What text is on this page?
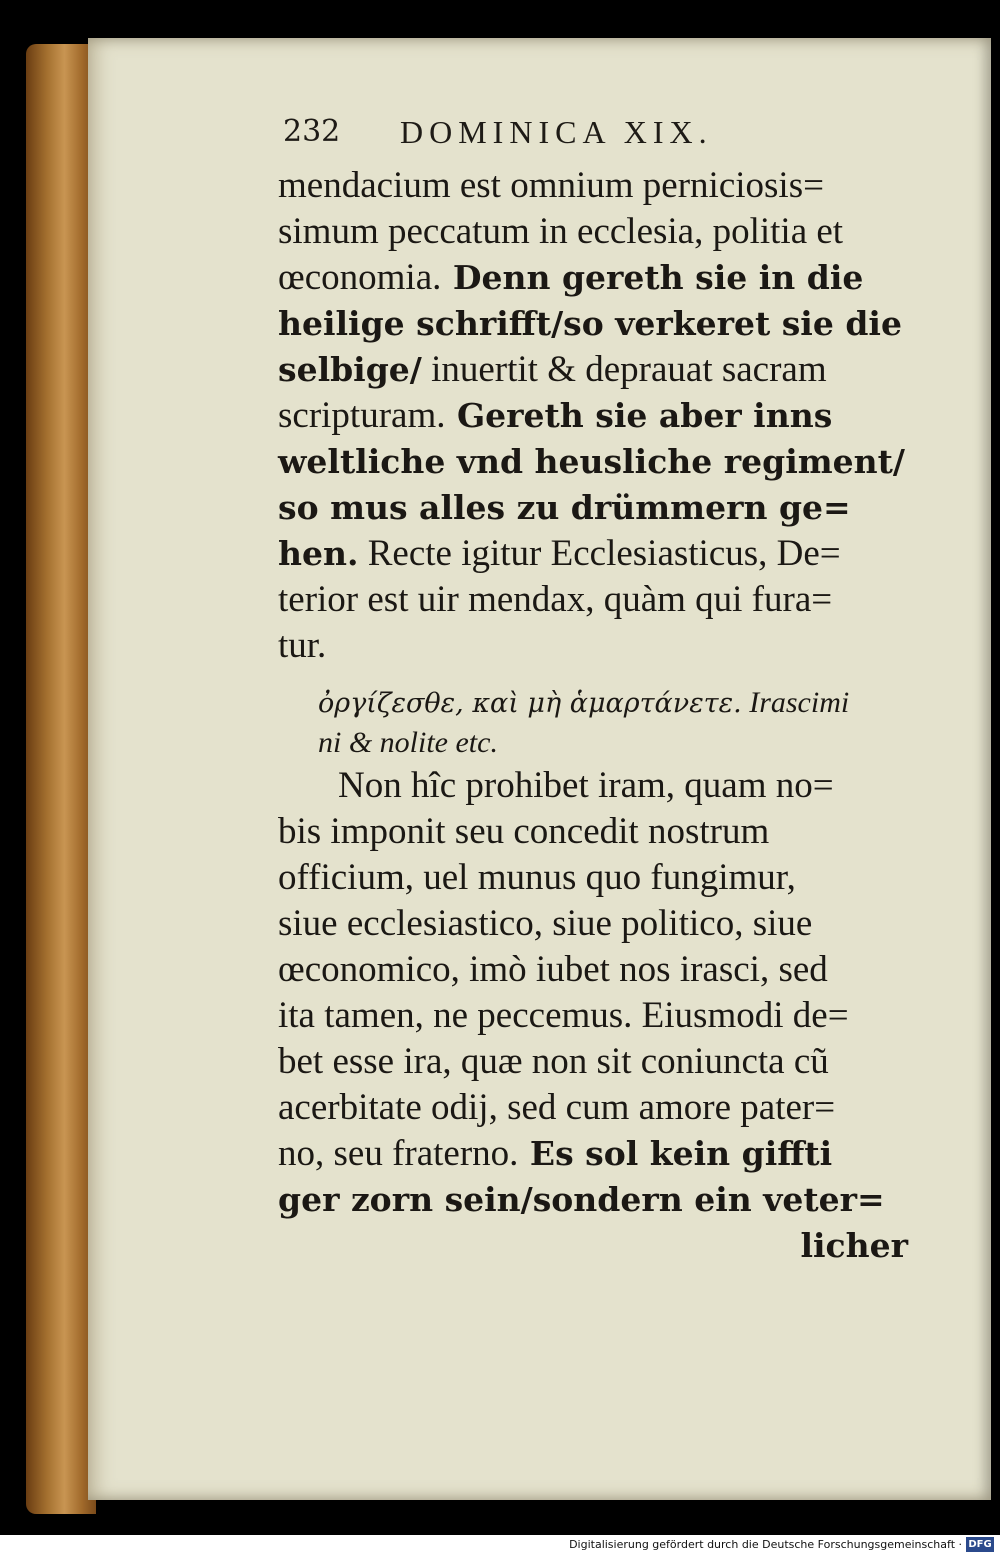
232 DOMINICA XIX.
mendacium est omnium perniciosis=
simum peccatum in ecclesia, politia et
œconomia. Denn gereth sie in die
heilige schrifft/so verkeret sie die
selbige/ inuertit & deprauat sacram
scripturam. Gereth sie aber inns
weltliche vnd heusliche regiment/
so mus alles zu drümmern ge=
hen. Recte igitur Ecclesiasticus, De=
terior est uir mendax, quàm qui fura=
tur.
ὀργίζεσθε, καὶ μὴ ἁμαρτάνετε. Irascimi
ni & nolite etc.
Non hîc prohibet iram, quam no=
bis imponit seu concedit nostrum
officium, uel munus quo fungimur,
siue ecclesiastico, siue politico, siue
œconomico, imò iubet nos irasci, sed
ita tamen, ne peccemus. Eiusmodi de=
bet esse ira, quæ non sit coniuncta cũ
acerbitate odij, sed cum amore pater=
no, seu fraterno. Es sol kein giffti
ger zorn sein/sondern ein veter=
licher
Digitalisierung gefördert durch die Deutsche Forschungsgemeinschaft · DFG
